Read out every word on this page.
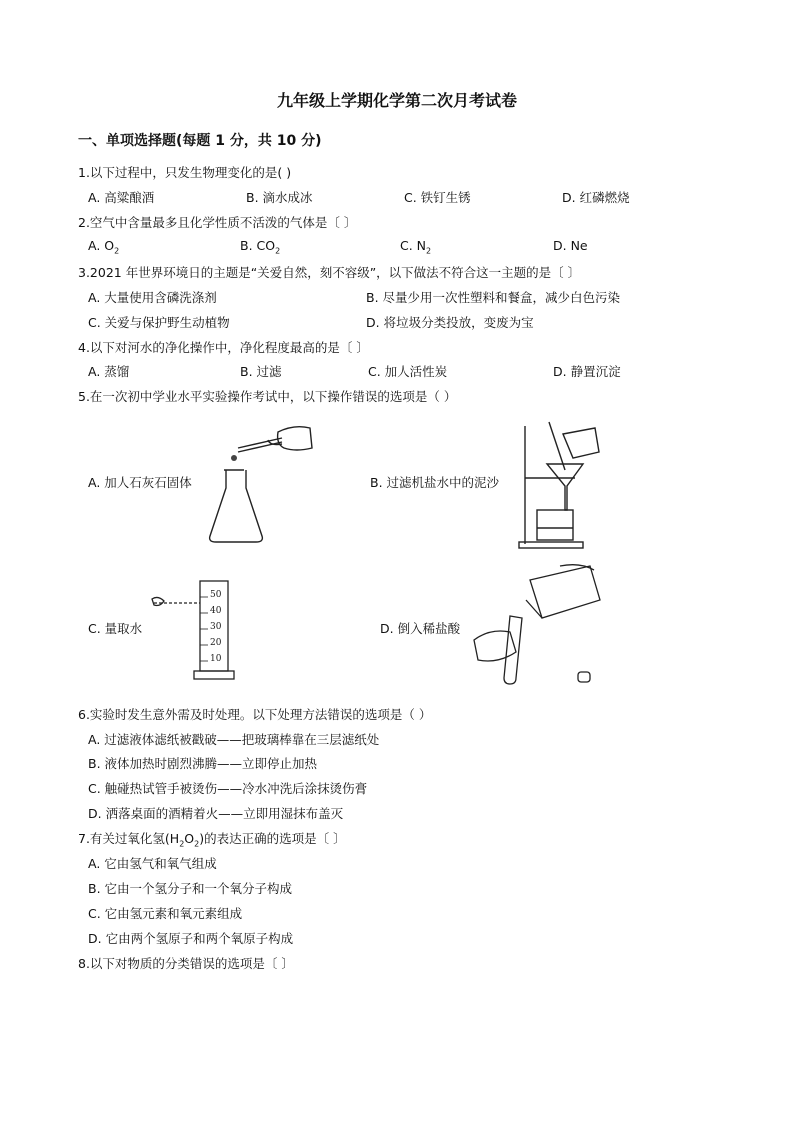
九年级上学期化学第二次月考试卷
一、单项选择题(每题 1 分，共 10 分)
1.以下过程中，只发生物理变化的是( )
A. 高粱酿酒	B. 滴水成冰	C. 铁钉生锈	D. 红磷燃烧
2.空气中含量最多且化学性质不活泼的气体是〔 〕
A. $O_2$	B. $CO_2$	C. $N_2$	D. Ne
3.2021 年世界环境日的主题是“关爱自然，刻不容级”，以下做法不符合这一主题的是〔 〕
A. 大量使用含磷洗涤剂	B. 尽量少用一次性塑料和餐盒，减少白色污染
C. 关爱与保护野生动植物	D. 将垃圾分类投放，变废为宝
4.以下对河水的净化操作中，净化程度最高的是〔 〕
A. 蒸馏	B. 过滤	C. 加人活性炭	D. 静置沉淀
5.在一次初中学业水平实验操作考试中，以下操作错误的选项是（ ）
A. 加人石灰石固体	B. 过滤机盐水中的泥沙
C. 量取水	D. 倒入稀盐酸
50
40
30
20
10
6.实验时发生意外需及时处理。以下处理方法错误的选项是（ ）
A. 过滤液体滤纸被戳破——把玻璃棒靠在三层滤纸处
B. 液体加热时剧烈沸腾——立即停止加热
C. 触碰热试管手被烫伤——冷水冲洗后涂抹烫伤膏
D. 洒落桌面的酒精着火——立即用湿抹布盖灭
7.有关过氧化氢$(H_2O_2)$的表达正确的选项是〔 〕
A. 它由氢气和氧气组成
B. 它由一个氢分子和一个氧分子构成
C. 它由氢元素和氧元素组成
D. 它由两个氢原子和两个氧原子构成
8.以下对物质的分类错误的选项是〔 〕
